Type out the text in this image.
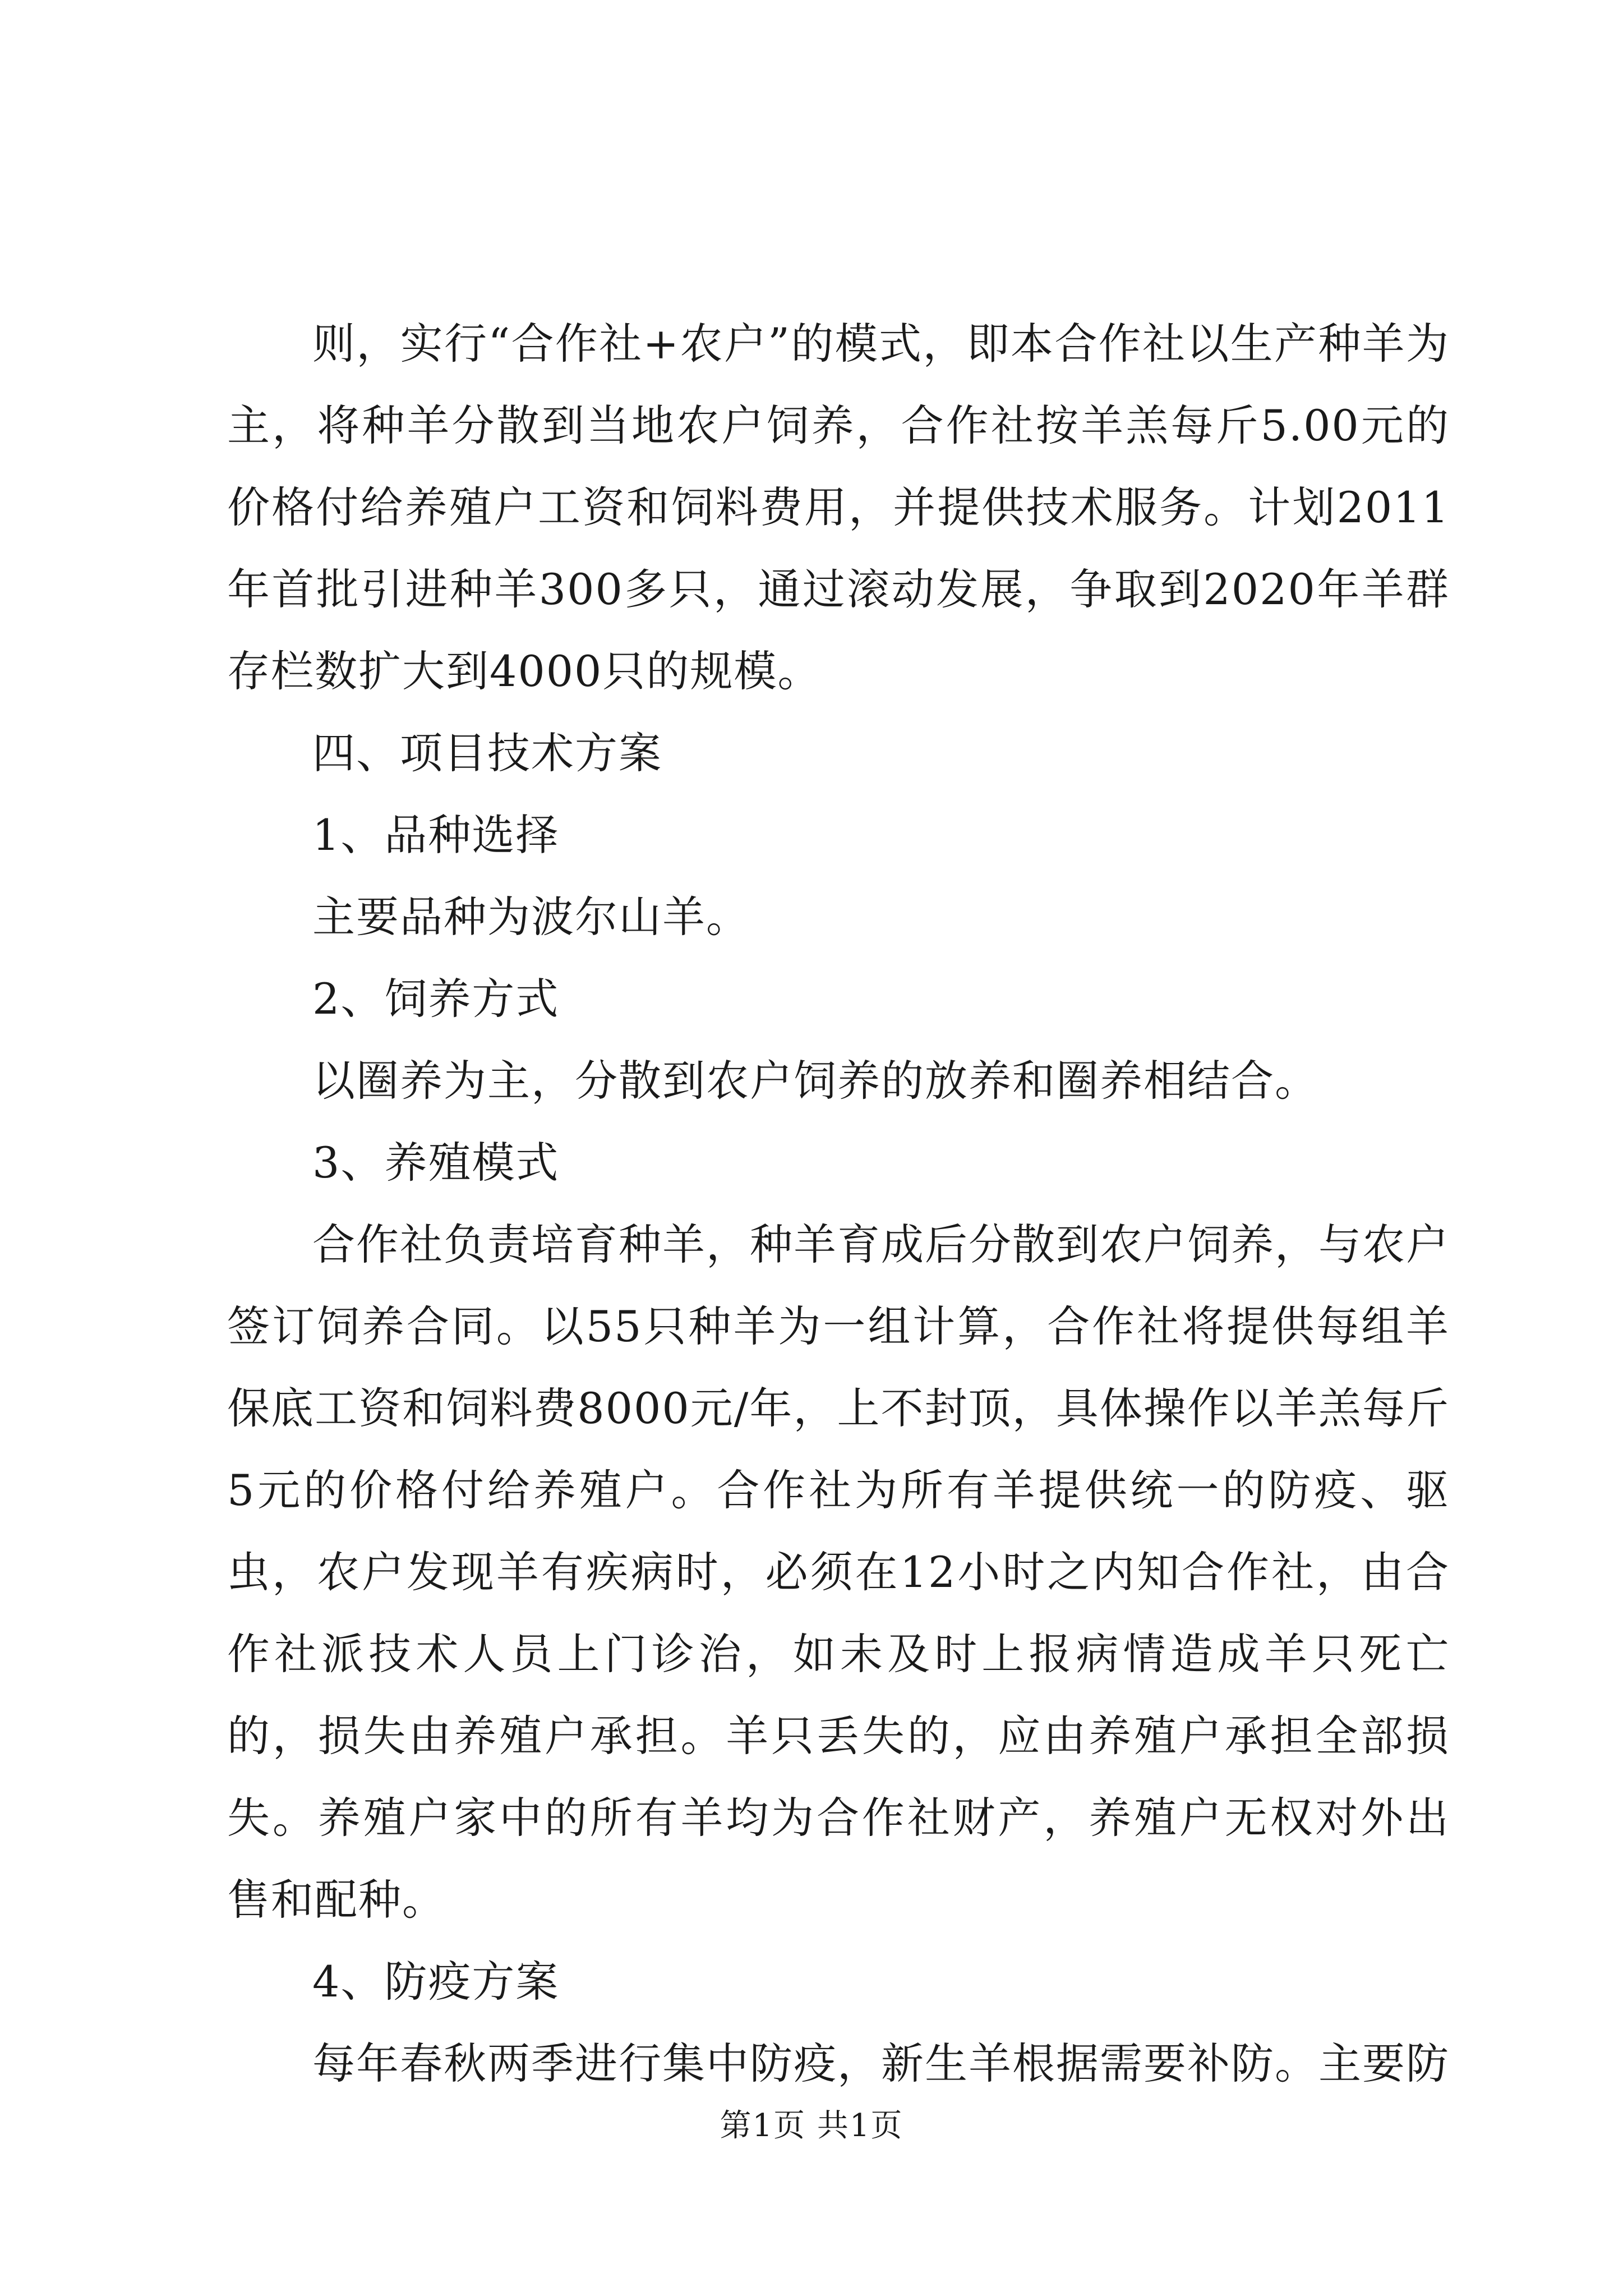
则，实行“合作社+农户”的模式，即本合作社以生产种羊为主，将种羊分散到当地农户饲养，合作社按羊羔每斤5.00元的价格付给养殖户工资和饲料费用，并提供技术服务。计划2011年首批引进种羊300多只，通过滚动发展，争取到2020年羊群存栏数扩大到4000只的规模。

四、项目技术方案

1、品种选择

主要品种为波尔山羊。

2、饲养方式

以圈养为主，分散到农户饲养的放养和圈养相结合。

3、养殖模式

合作社负责培育种羊，种羊育成后分散到农户饲养，与农户签订饲养合同。以55只种羊为一组计算，合作社将提供每组羊保底工资和饲料费8000元/年，上不封顶，具体操作以羊羔每斤5元的价格付给养殖户。合作社为所有羊提供统一的防疫、驱虫，农户发现羊有疾病时，必须在12小时之内知合作社，由合作社派技术人员上门诊治，如未及时上报病情造成羊只死亡的，损失由养殖户承担。羊只丢失的，应由养殖户承担全部损失。养殖户家中的所有羊均为合作社财产，养殖户无权对外出售和配种。

4、防疫方案

每年春秋两季进行集中防疫，新生羊根据需要补防。主要防

第1页 共1页
